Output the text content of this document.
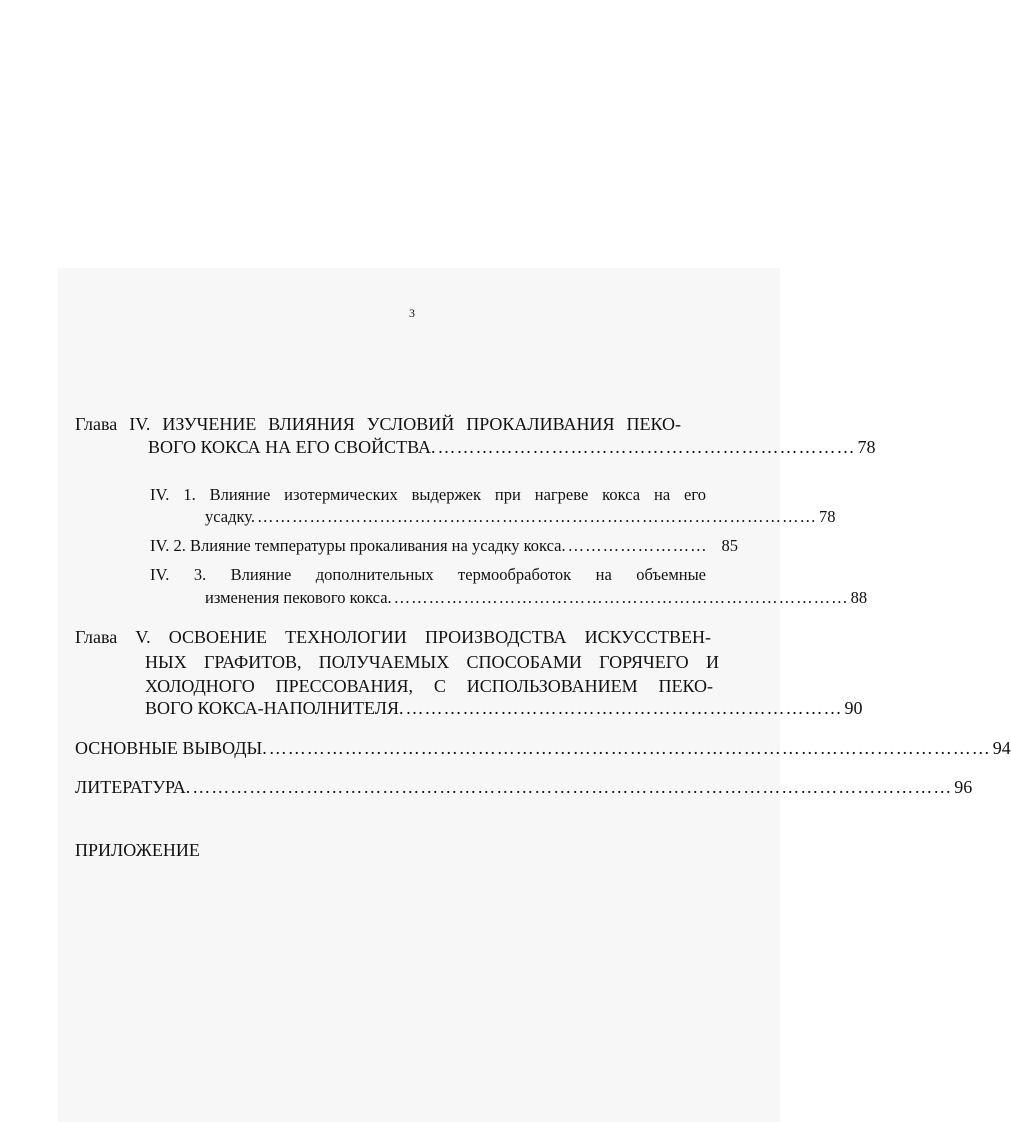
3
Глава IV. ИЗУЧЕНИЕ ВЛИЯНИЯ УСЛОВИЙ ПРОКАЛИВАНИЯ ПЕКО-
ВОГО КОКСА НА ЕГО СВОЙСТВА. ………………………………………………………… 78
IV. 1. Влияние изотермических выдержек при нагреве кокса на его
усадку. …………………………………………………………………………………… 78
IV. 2. Влияние температуры прокаливания на усадку кокса. …………………… 85
IV. 3. Влияние дополнительных термообработок на объемные
изменения пекового кокса. …………………………………………………………………… 88
Глава V. ОСВОЕНИЕ ТЕХНОЛОГИИ ПРОИЗВОДСТВА ИСКУССТВЕН-
НЫХ ГРАФИТОВ, ПОЛУЧАЕМЫХ СПОСОБАМИ ГОРЯЧЕГО И
ХОЛОДНОГО ПРЕССОВАНИЯ, С ИСПОЛЬЗОВАНИЕМ ПЕКО-
ВОГО КОКСА-НАПОЛНИТЕЛЯ. …………………………………………………………… 90
ОСНОВНЫЕ ВЫВОДЫ. …………………………………………………………………………………………………… 94
ЛИТЕРАТУРА. ………………………………………………………………………………………………………… 96
ПРИЛОЖЕНИЕ
